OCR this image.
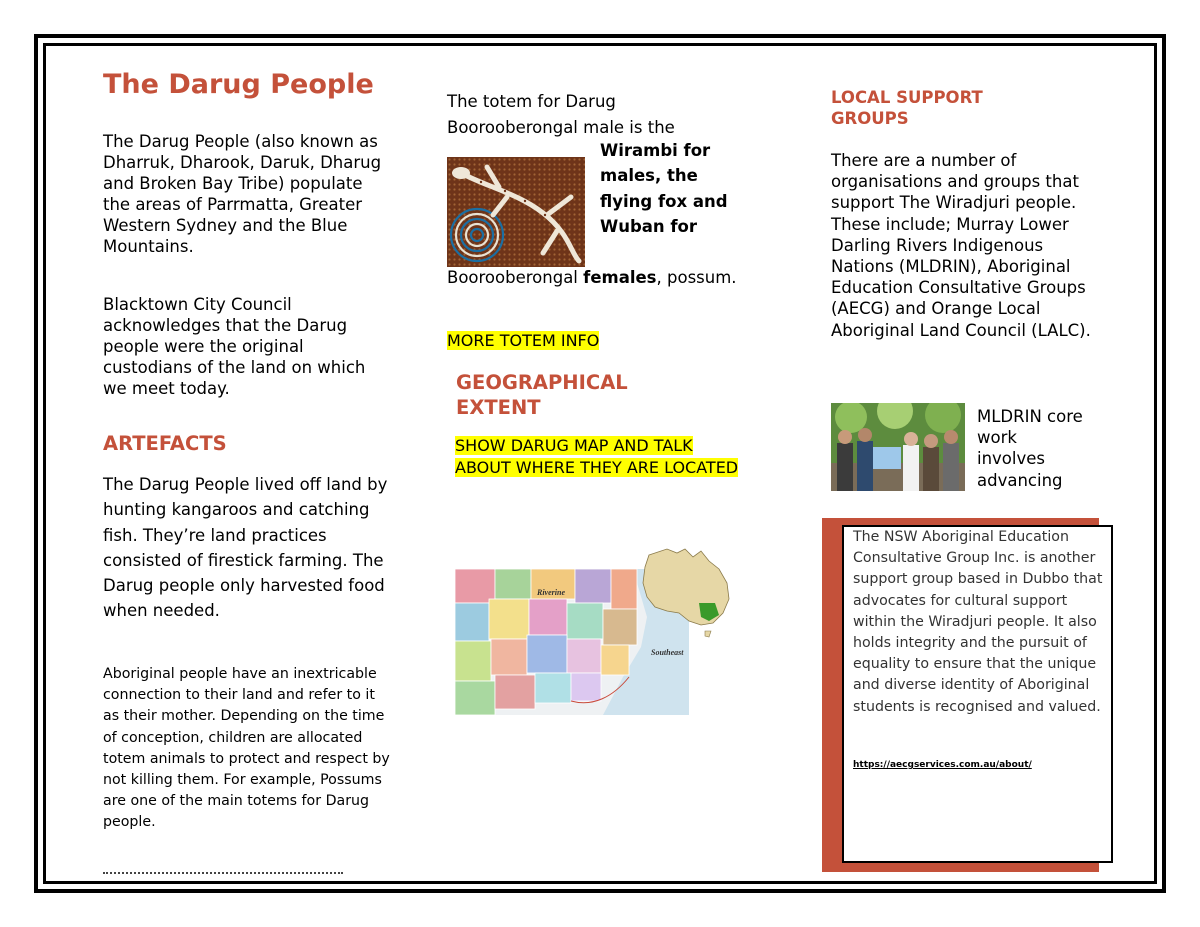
The Darug People

The Darug People (also known as Dharruk, Dharook, Daruk, Dharug and Broken Bay Tribe) populate the areas of Parrmatta, Greater Western Sydney and the Blue Mountains.

Blacktown City Council acknowledges that the Darug people were the original custodians of the land on which we meet today.

ARTEFACTS

The Darug People lived off land by hunting kangaroos and catching fish. They’re land practices consisted of firestick farming. The Darug people only harvested food when needed.

Aboriginal people have an inextricable connection to their land and refer to it as their mother. Depending on the time of conception, children are allocated totem animals to protect and respect by not killing them. For example, Possums are one of the main totems for Darug people.

The totem for Darug Boorooberongal male is the
Wirambi for males, the flying fox and Wuban for
Boorooberongal females, possum.
MORE TOTEM INFO
GEOGRAPHICAL EXTENT
SHOW DARUG MAP AND TALK ABOUT WHERE THEY ARE LOCATED
Riverine
Southeast
LOCAL SUPPORT GROUPS

There are a number of organisations and groups that support The Wiradjuri people. These include; Murray Lower Darling Rivers Indigenous Nations (MLDRIN), Aboriginal Education Consultative Groups (AECG) and Orange Local Aboriginal Land Council (LALC).

MLDRIN core work involves advancing

The NSW Aboriginal Education Consultative Group Inc. is another support group based in Dubbo that advocates for cultural support within the Wiradjuri people. It also holds integrity and the pursuit of equality to ensure that the unique and diverse identity of Aboriginal students is recognised and valued.

https://aecgservices.com.au/about/
